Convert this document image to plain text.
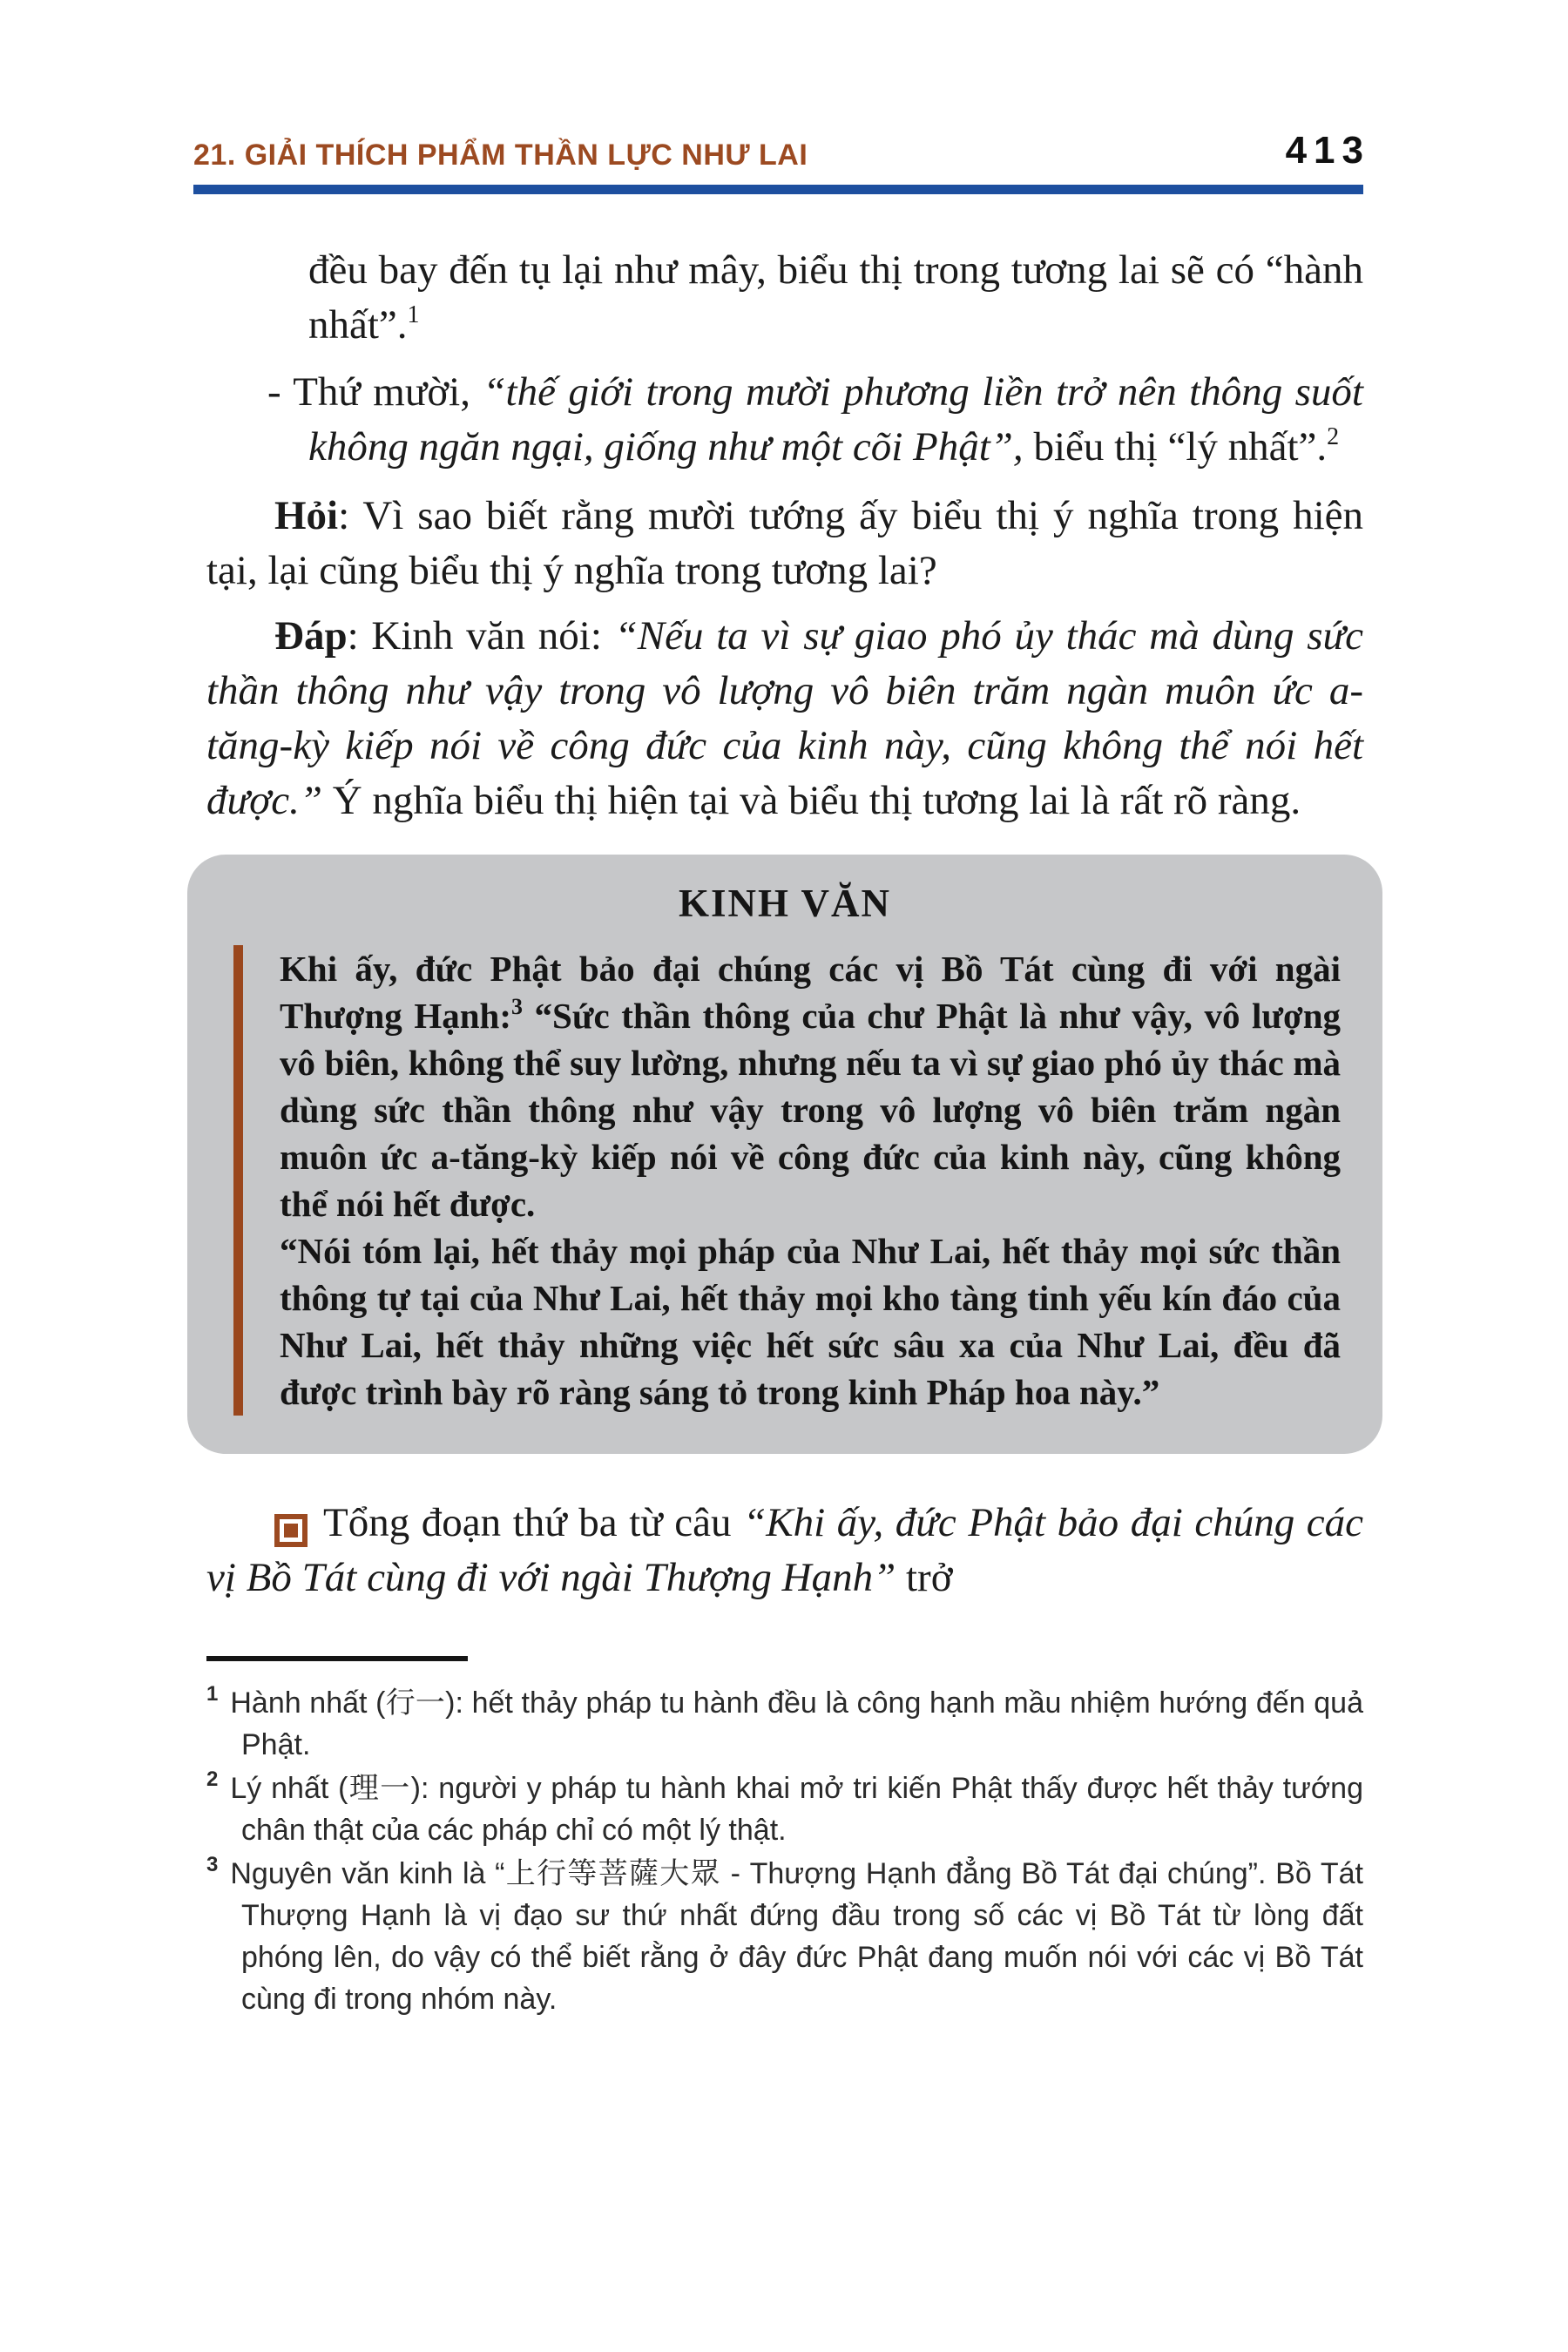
21. GIẢI THÍCH PHẨM THẦN LỰC NHƯ LAI	413

đều bay đến tụ lại như mây, biểu thị trong tương lai sẽ có “hành nhất”.$^1$

- Thứ mười, “thế giới trong mười phương liền trở nên thông suốt không ngăn ngại, giống như một cõi Phật”, biểu thị “lý nhất”.$^2$

Hỏi: Vì sao biết rằng mười tướng ấy biểu thị ý nghĩa trong hiện tại, lại cũng biểu thị ý nghĩa trong tương lai?

Đáp: Kinh văn nói: “Nếu ta vì sự giao phó ủy thác mà dùng sức thần thông như vậy trong vô lượng vô biên trăm ngàn muôn ức a-tăng-kỳ kiếp nói về công đức của kinh này, cũng không thể nói hết được.” Ý nghĩa biểu thị hiện tại và biểu thị tương lai là rất rõ ràng.

KINH VĂN

Khi ấy, đức Phật bảo đại chúng các vị Bồ Tát cùng đi với ngài Thượng Hạnh:$^3$ “Sức thần thông của chư Phật là như vậy, vô lượng vô biên, không thể suy lường, nhưng nếu ta vì sự giao phó ủy thác mà dùng sức thần thông như vậy trong vô lượng vô biên trăm ngàn muôn ức a-tăng-kỳ kiếp nói về công đức của kinh này, cũng không thể nói hết được.

“Nói tóm lại, hết thảy mọi pháp của Như Lai, hết thảy mọi sức thần thông tự tại của Như Lai, hết thảy mọi kho tàng tinh yếu kín đáo của Như Lai, hết thảy những việc hết sức sâu xa của Như Lai, đều đã được trình bày rõ ràng sáng tỏ trong kinh Pháp hoa này.”

Tổng đoạn thứ ba từ câu “Khi ấy, đức Phật bảo đại chúng các vị Bồ Tát cùng đi với ngài Thượng Hạnh” trở

$^1$ Hành nhất (行一): hết thảy pháp tu hành đều là công hạnh mầu nhiệm hướng đến quả Phật.
$^2$ Lý nhất (理一): người y pháp tu hành khai mở tri kiến Phật thấy được hết thảy tướng chân thật của các pháp chỉ có một lý thật.
$^3$ Nguyên văn kinh là “上行等菩薩大眾 - Thượng Hạnh đẳng Bồ Tát đại chúng”. Bồ Tát Thượng Hạnh là vị đạo sư thứ nhất đứng đầu trong số các vị Bồ Tát từ lòng đất phóng lên, do vậy có thể biết rằng ở đây đức Phật đang muốn nói với các vị Bồ Tát cùng đi trong nhóm này.
